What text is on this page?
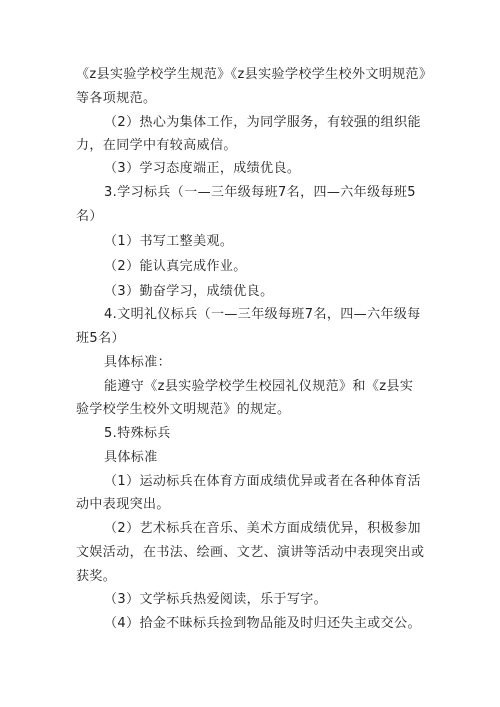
《z县实验学校学生规范》《z县实验学校学生校外文明规范》
等各项规范。
（2）热心为集体工作，为同学服务，有较强的组织能
力，在同学中有较高威信。
（3）学习态度端正，成绩优良。
3.学习标兵（一—三年级每班7名，四—六年级每班5
名）
（1）书写工整美观。
（2）能认真完成作业。
（3）勤奋学习，成绩优良。
4.文明礼仪标兵（一—三年级每班7名，四—六年级每
班5名）
具体标准：
能遵守《z县实验学校学生校园礼仪规范》和《z县实
验学校学生校外文明规范》的规定。
5.特殊标兵
具体标准
（1）运动标兵在体育方面成绩优异或者在各种体育活
动中表现突出。
（2）艺术标兵在音乐、美术方面成绩优异，积极参加
文娱活动，在书法、绘画、文艺、演讲等活动中表现突出或
获奖。
（3）文学标兵热爱阅读，乐于写字。
（4）拾金不昧标兵捡到物品能及时归还失主或交公。
